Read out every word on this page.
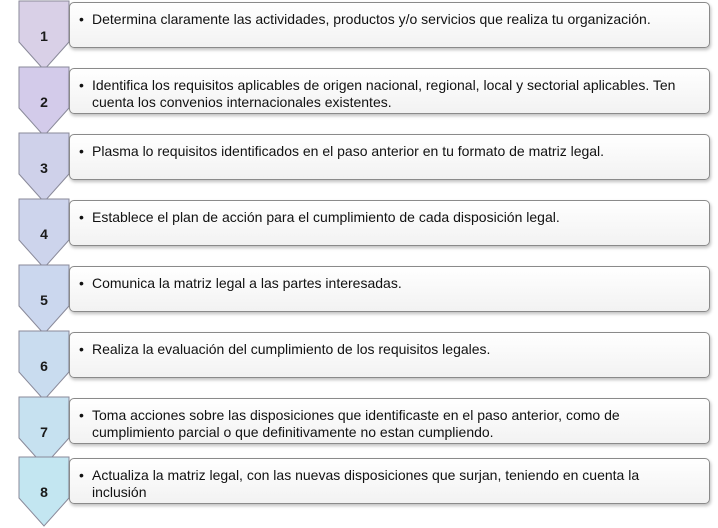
1
• Determina claramente las actividades, productos y/o servicios que realiza tu organización.
2
• Identifica los requisitos aplicables de origen nacional, regional, local y sectorial aplicables. Ten cuenta los convenios internacionales existentes.
3
• Plasma lo requisitos identificados en el paso anterior en tu formato de matriz legal.
4
• Establece el plan de acción para el cumplimiento de cada disposición legal.
5
• Comunica la matriz legal a las partes interesadas.
6
• Realiza la evaluación del cumplimiento de los requisitos legales.
7
• Toma acciones sobre las disposiciones que identificaste en el paso anterior, como de cumplimiento parcial o que definitivamente no estan cumpliendo.
8
• Actualiza la matriz legal, con las nuevas disposiciones que surjan, teniendo en cuenta la inclusión
